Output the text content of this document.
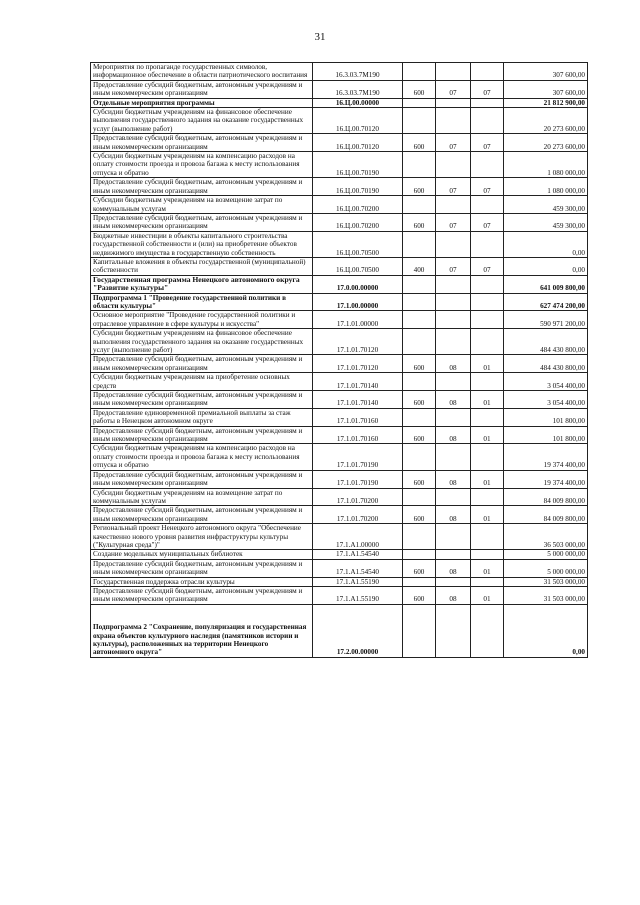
31
Мероприятия по пропаганде государственных символов, информационное обеспечение в области патриотического воспитания	16.3.03.7М190				307 600,00
Предоставление субсидий бюджетным, автономным учреждениям и иным некоммерческим организациям	16.3.03.7М190	600	07	07	307 600,00
Отдельные мероприятия программы	16.Ц.00.00000				21 812 900,00
Субсидии бюджетным учреждениям на финансовое обеспечение выполнения государственного задания на оказание государственных услуг (выполнение работ)	16.Ц.00.70120				20 273 600,00
Предоставление субсидий бюджетным, автономным учреждениям и иным некоммерческим организациям	16.Ц.00.70120	600	07	07	20 273 600,00
Субсидии бюджетным учреждениям на компенсацию расходов на оплату стоимости проезда и провоза багажа к месту использования отпуска и обратно	16.Ц.00.70190				1 080 000,00
Предоставление субсидий бюджетным, автономным учреждениям и иным некоммерческим организациям	16.Ц.00.70190	600	07	07	1 080 000,00
Субсидии бюджетным учреждениям на возмещение затрат по коммунальным услугам	16.Ц.00.70200				459 300,00
Предоставление субсидий бюджетным, автономным учреждениям и иным некоммерческим организациям	16.Ц.00.70200	600	07	07	459 300,00
Бюджетные инвестиции в объекты капитального строительства государственной собственности и (или) на приобретение объектов недвижимого имущества в государственную собственность	16.Ц.00.70500				0,00
Капитальные вложения в объекты государственной (муниципальной) собственности	16.Ц.00.70500	400	07	07	0,00
Государственная программа Ненецкого автономного округа "Развитие культуры"	17.0.00.00000				641 009 800,00
Подпрограмма 1 "Проведение государственной политики в области культуры"	17.1.00.00000				627 474 200,00
Основное мероприятие "Проведение государственной политики и отраслевое управление в сфере культуры и искусства"	17.1.01.00000				590 971 200,00
Субсидии бюджетным учреждениям на финансовое обеспечение выполнения государственного задания на оказание государственных услуг (выполнение работ)	17.1.01.70120				484 430 800,00
Предоставление субсидий бюджетным, автономным учреждениям и иным некоммерческим организациям	17.1.01.70120	600	08	01	484 430 800,00
Субсидии бюджетным учреждениям на приобретение основных средств	17.1.01.70140				3 054 400,00
Предоставление субсидий бюджетным, автономным учреждениям и иным некоммерческим организациям	17.1.01.70140	600	08	01	3 054 400,00
Предоставление единовременной премиальной выплаты за стаж работы в Ненецком автономном округе	17.1.01.70160				101 800,00
Предоставление субсидий бюджетным, автономным учреждениям и иным некоммерческим организациям	17.1.01.70160	600	08	01	101 800,00
Субсидии бюджетным учреждениям на компенсацию расходов на оплату стоимости проезда и провоза багажа к месту использования отпуска и обратно	17.1.01.70190				19 374 400,00
Предоставление субсидий бюджетным, автономным учреждениям и иным некоммерческим организациям	17.1.01.70190	600	08	01	19 374 400,00
Субсидии бюджетным учреждениям на возмещение затрат по коммунальным услугам	17.1.01.70200				84 009 800,00
Предоставление субсидий бюджетным, автономным учреждениям и иным некоммерческим организациям	17.1.01.70200	600	08	01	84 009 800,00
Региональный проект Ненецкого автономного округа "Обеспечение качественно нового уровня развития инфраструктуры культуры ("Культурная среда")"	17.1.А1.00000				36 503 000,00
Создание модельных муниципальных библиотек	17.1.А1.54540				5 000 000,00
Предоставление субсидий бюджетным, автономным учреждениям и иным некоммерческим организациям	17.1.А1.54540	600	08	01	5 000 000,00
Государственная поддержка отрасли культуры	17.1.А1.55190				31 503 000,00
Предоставление субсидий бюджетным, автономным учреждениям и иным некоммерческим организациям	17.1.А1.55190	600	08	01	31 503 000,00
Подпрограмма 2 "Сохранение, популяризация и государственная охрана объектов культурного наследия (памятников истории и культуры), расположенных на территории Ненецкого автономного округа"	17.2.00.00000				0,00
